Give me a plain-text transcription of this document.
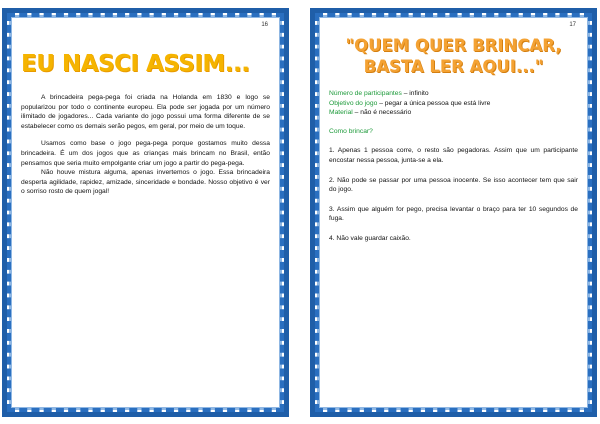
16
EU NASCI ASSIM...

A brincadeira pega-pega foi criada na Holanda em 1830 e logo se popularizou por todo o continente europeu. Ela pode ser jogada por um número ilimitado de jogadores... Cada variante do jogo possui uma forma diferente de se estabelecer como os demais serão pegos, em geral, por meio de um toque.

Usamos como base o jogo pega-pega porque gostamos muito dessa brincadeira. É um dos jogos que as crianças mais brincam no Brasil, então pensamos que seria muito empolgante criar um jogo a partir do pega-pega.

Não houve mistura alguma, apenas invertemos o jogo. Essa brincadeira desperta agilidade, rapidez, amizade, sinceridade e bondade. Nosso objetivo é ver o sorriso rosto de quem jogal!

17
"QUEM QUER BRINCAR,
BASTA LER AQUI..."
Número de participantes – infinito
Objetivo do jogo – pegar a única pessoa que está livre
Material – não é necessário
Como brincar?
1. Apenas 1 pessoa corre, o resto são pegadoras. Assim que um participante encostar nessa pessoa, junta-se a ela.
2. Não pode se passar por uma pessoa inocente. Se isso acontecer tem que sair do jogo.
3. Assim que alguém for pego, precisa levantar o braço para ter 10 segundos de fuga.
4. Não vale guardar caixão.
